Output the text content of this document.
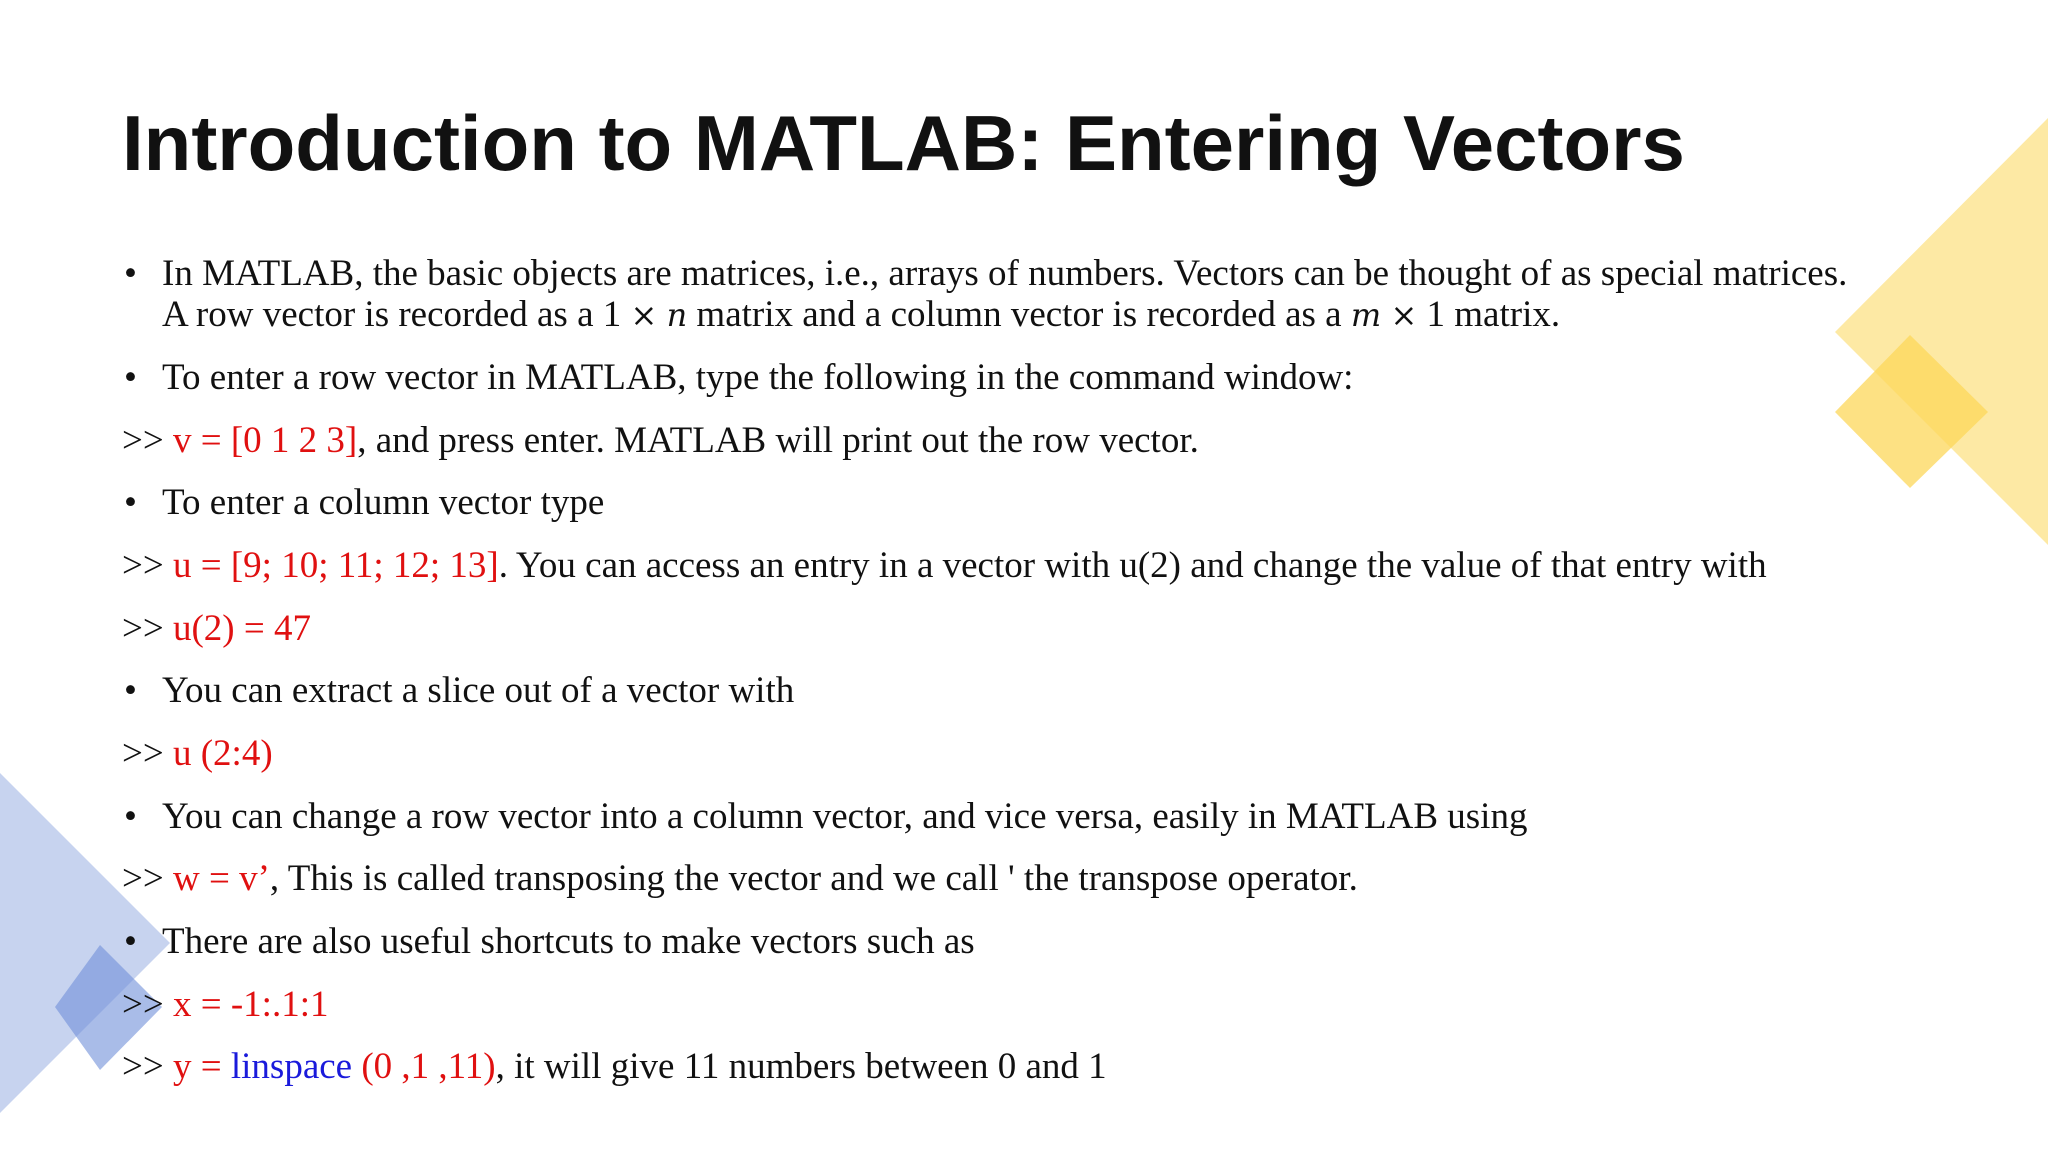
Introduction to MATLAB: Entering Vectors
• In MATLAB, the basic objects are matrices, i.e., arrays of numbers. Vectors can be thought of as special matrices.
A row vector is recorded as a 1 × n matrix and a column vector is recorded as a m × 1 matrix.
• To enter a row vector in MATLAB, type the following in the command window:
>> v = [0 1 2 3], and press enter. MATLAB will print out the row vector.
• To enter a column vector type
>> u = [9; 10; 11; 12; 13]. You can access an entry in a vector with u(2) and change the value of that entry with
>> u(2) = 47
• You can extract a slice out of a vector with
>> u (2:4)
• You can change a row vector into a column vector, and vice versa, easily in MATLAB using
>> w = v’, This is called transposing the vector and we call ' the transpose operator.
• There are also useful shortcuts to make vectors such as
>> x = -1:.1:1
>> y = linspace (0 ,1 ,11), it will give 11 numbers between 0 and 1
